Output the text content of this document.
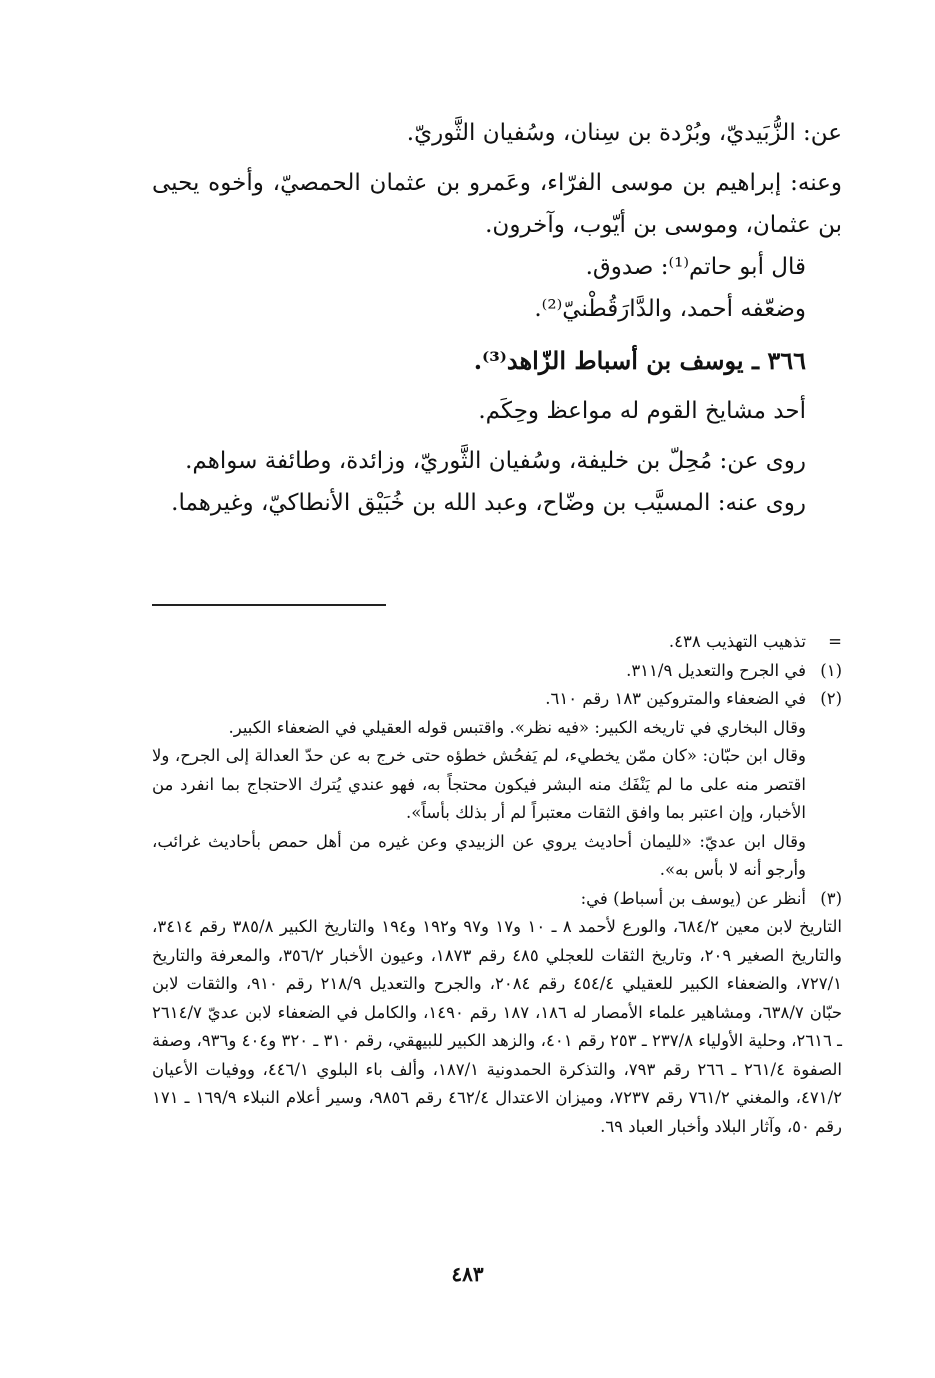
عن: الزُّبَيديّ، وبُرْدة بن سِنان، وسُفيان الثَّوريّ.

وعنه: إبراهيم بن موسى الفرّاء، وعَمرو بن عثمان الحمصيّ، وأخوه يحيى بن عثمان، وموسى بن أيّوب، وآخرون.

قال أبو حاتم⁽¹⁾: صدوق.

وضعّفه أحمد، والدَّارَقُطْنيّ⁽²⁾.

٣٦٦ ـ يوسف بن أسباط الزّاهد⁽³⁾.

أحد مشايخ القوم له مواعظ وحِكَم.

روى عن: مُحِلّ بن خليفة، وسُفيان الثَّوريّ، وزائدة، وطائفة سواهم.

روى عنه: المسيَّب بن وضّاح، وعبد الله بن خُبَيْق الأنطاكيّ، وغيرهما.

=
تذهيب التهذيب ٤٣٨.
(١)
في الجرح والتعديل ٣١١/٩.
(٢)
في الضعفاء والمتروكين ١٨٣ رقم ٦١٠.
وقال البخاري في تاريخه الكبير: «فيه نظر». واقتبس قوله العقيلي في الضعفاء الكبير.
وقال ابن حبّان: «كان ممّن يخطيء، لم يَفحُش خطؤه حتى خرج به عن حدّ العدالة إلى الجرح، ولا اقتصر منه على ما لم يَنْفَك منه البشر فيكون محتجاً به، فهو عندي يُترك الاحتجاج بما انفرد من الأخبار، وإن اعتبر بما وافق الثقات معتبراً لم أر بذلك بأساً».
وقال ابن عديّ: «لليمان أحاديث يروي عن الزبيدي وعن غيره من أهل حمص بأحاديث غرائب، وأرجو أنه لا بأس به».
(٣)
أنظر عن (يوسف بن أسباط) في:
التاريخ لابن معين ٦٨٤/٢، والورع لأحمد ٨ ـ ١٠ و١٧ و٩٧ و١٩٢ و١٩٤ والتاريخ الكبير ٣٨٥/٨ رقم ٣٤١٤، والتاريخ الصغير ٢٠٩، وتاريخ الثقات للعجلي ٤٨٥ رقم ١٨٧٣، وعيون الأخبار ٣٥٦/٢، والمعرفة والتاريخ ٧٢٧/١، والضعفاء الكبير للعقيلي ٤٥٤/٤ رقم ٢٠٨٤، والجرح والتعديل ٢١٨/٩ رقم ٩١٠، والثقات لابن حبّان ٦٣٨/٧، ومشاهير علماء الأمصار له ١٨٦، ١٨٧ رقم ١٤٩٠، والكامل في الضعفاء لابن عديّ ٢٦١٤/٧ ـ ٢٦١٦، وحلية الأولياء ٢٣٧/٨ ـ ٢٥٣ رقم ٤٠١، والزهد الكبير للبيهقي، رقم ٣١٠ ـ ٣٢٠ و٤٠٤ و٩٣٦، وصفة الصفوة ٢٦١/٤ ـ ٢٦٦ رقم ٧٩٣، والتذكرة الحمدونية ١٨٧/١، وألف باء البلوي ٤٤٦/١، ووفيات الأعيان ٤٧١/٢، والمغني ٧٦١/٢ رقم ٧٢٣٧، وميزان الاعتدال ٤٦٢/٤ رقم ٩٨٥٦، وسير أعلام النبلاء ١٦٩/٩ ـ ١٧١ رقم ٥٠، وآثار البلاد وأخبار العباد ٦٩.
٤٨٣
